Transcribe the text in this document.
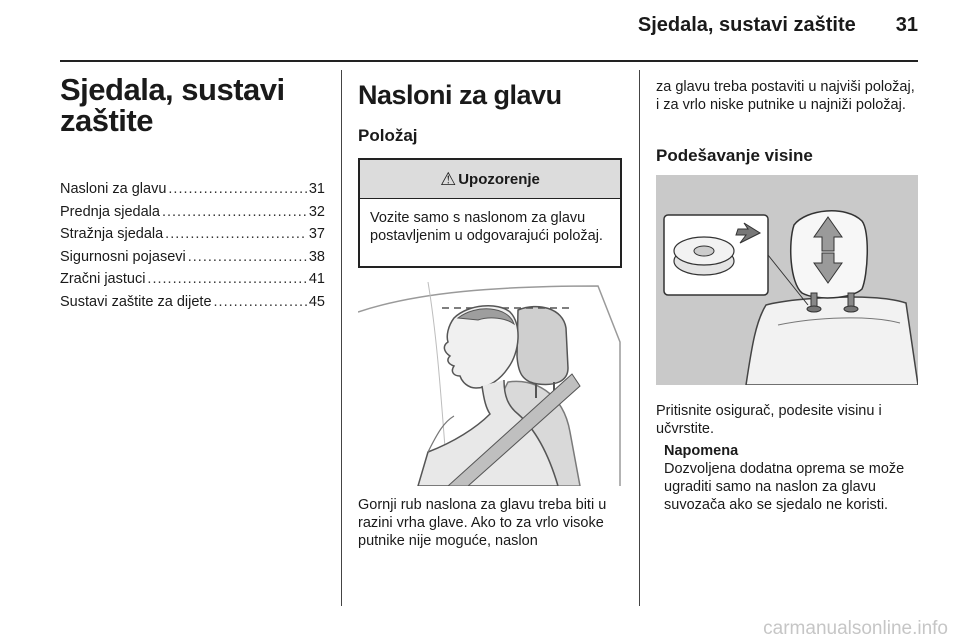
Sjedala, sustavi zaštite 31
Sjedala, sustavi zaštite
Nasloni za glavu .....	31
Prednja sjedala .....	32
Stražnja sjedala .....	37
Sigurnosni pojasevi .....	38
Zračni jastuci .....	41
Sustavi zaštite za dijete .....	45
Nasloni za glavu
Položaj
⚠ Upozorenje
Vozite samo s naslonom za glavu postavljenim u odgovarajući položaj.
Gornji rub naslona za glavu treba biti u razini vrha glave. Ako to za vrlo visoke putnike nije moguće, naslon
za glavu treba postaviti u najviši položaj, i za vrlo niske putnike u najniži položaj.
Podešavanje visine
Pritisnite osigurač, podesite visinu i učvrstite.
Napomena
Dozvoljena dodatna oprema se može ugraditi samo na naslon za glavu suvozača ako se sjedalo ne koristi.
carmanualsonline.info
